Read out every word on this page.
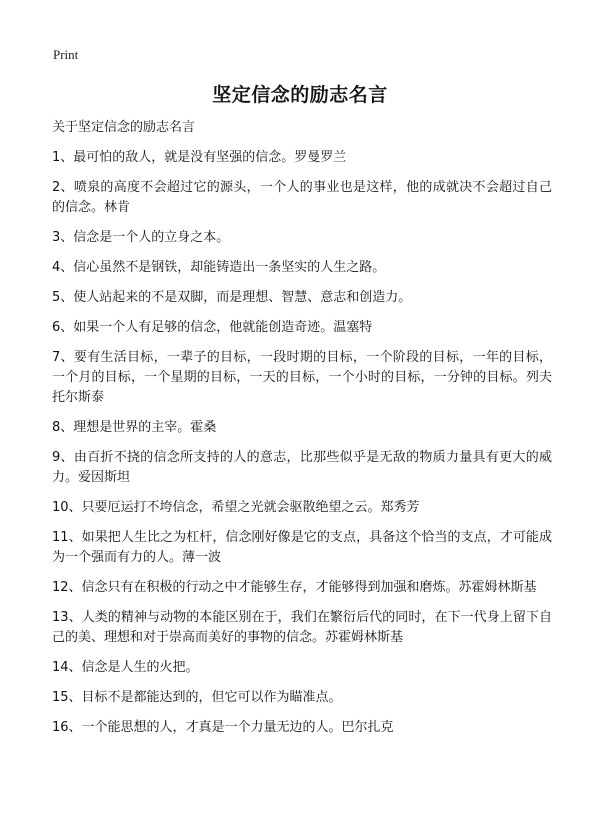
Print
坚定信念的励志名言

关于坚定信念的励志名言

1、最可怕的敌人，就是没有坚强的信念。罗曼罗兰

2、喷泉的高度不会超过它的源头，一个人的事业也是这样，他的成就决不会超过自己的信念。林肯

3、信念是一个人的立身之本。

4、信心虽然不是钢铁，却能铸造出一条坚实的人生之路。

5、使人站起来的不是双脚，而是理想、智慧、意志和创造力。

6、如果一个人有足够的信念，他就能创造奇迹。温塞特

7、要有生活目标，一辈子的目标，一段时期的目标，一个阶段的目标，一年的目标，一个月的目标，一个星期的目标，一天的目标，一个小时的目标，一分钟的目标。列夫托尔斯泰

8、理想是世界的主宰。霍桑

9、由百折不挠的信念所支持的人的意志，比那些似乎是无敌的物质力量具有更大的威力。爱因斯坦

10、只要厄运打不垮信念，希望之光就会驱散绝望之云。郑秀芳

11、如果把人生比之为杠杆，信念刚好像是它的支点，具备这个恰当的支点，才可能成为一个强而有力的人。薄一波

12、信念只有在积极的行动之中才能够生存，才能够得到加强和磨炼。苏霍姆林斯基

13、人类的精神与动物的本能区别在于，我们在繁衍后代的同时，在下一代身上留下自己的美、理想和对于崇高而美好的事物的信念。苏霍姆林斯基

14、信念是人生的火把。

15、目标不是都能达到的，但它可以作为瞄准点。

16、一个能思想的人，才真是一个力量无边的人。巴尔扎克
